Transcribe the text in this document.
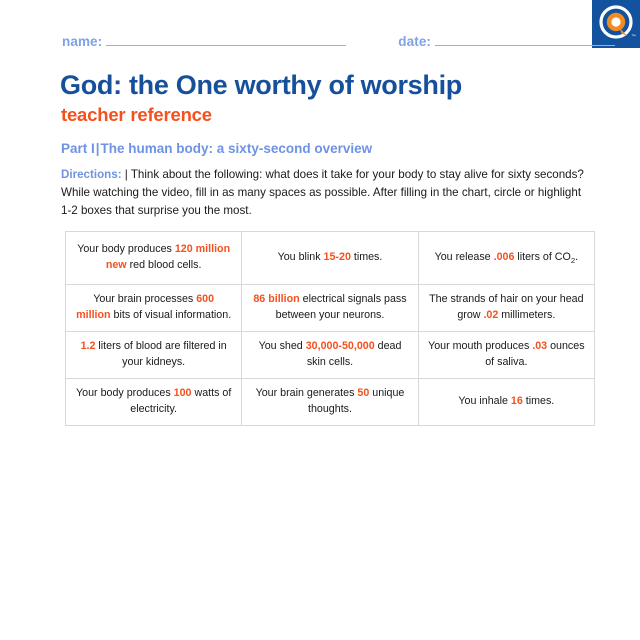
™
name:	date:
God: the One worthy of worship
teacher reference
Part I|The human body: a sixty-second overview

Directions: | Think about the following: what does it take for your body to stay alive for sixty seconds? While watching the video, fill in as many spaces as possible. After filling in the chart, circle or highlight 1-2 boxes that surprise you the most.

Your body produces 120 million new red blood cells.	You blink 15-20 times.	You release .006 liters of $CO_2$.
Your brain processes 600 million bits of visual information.	86 billion electrical signals pass between your neurons.	The strands of hair on your head grow .02 millimeters.
1.2 liters of blood are filtered in your kidneys.	You shed 30,000-50,000 dead skin cells.	Your mouth produces .03 ounces of saliva.
Your body produces 100 watts of electricity.	Your brain generates 50 unique thoughts.	You inhale 16 times.
